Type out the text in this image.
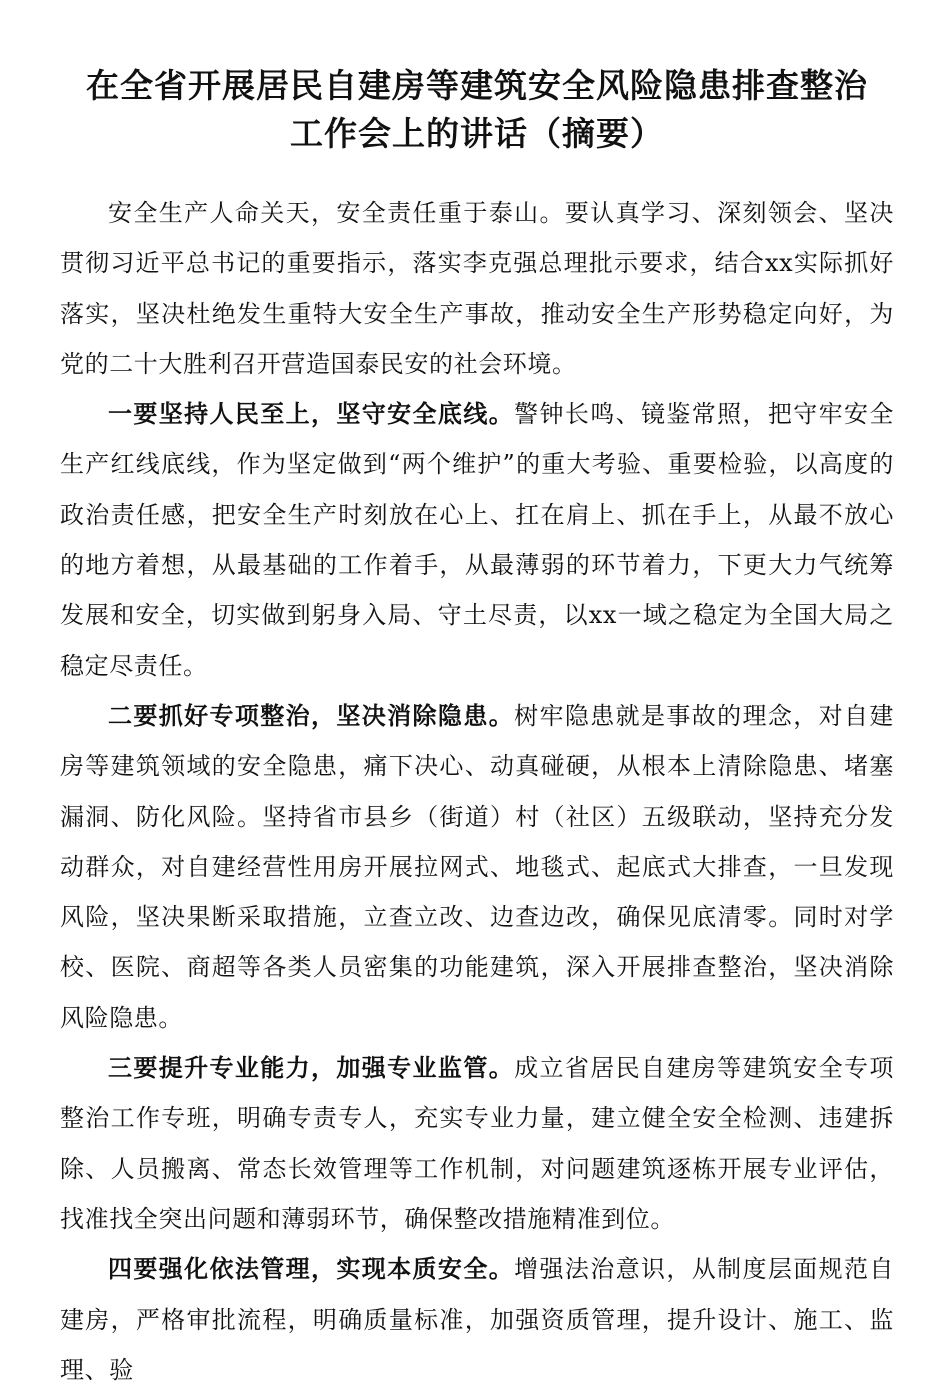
在全省开展居民自建房等建筑安全风险隐患排查整治
工作会上的讲话（摘要）

安全生产人命关天，安全责任重于泰山。要认真学习、深刻领会、坚决贯彻习近平总书记的重要指示，落实李克强总理批示要求，结合xx实际抓好落实，坚决杜绝发生重特大安全生产事故，推动安全生产形势稳定向好，为党的二十大胜利召开营造国泰民安的社会环境。

一要坚持人民至上，坚守安全底线。警钟长鸣、镜鉴常照，把守牢安全生产红线底线，作为坚定做到“两个维护”的重大考验、重要检验，以高度的政治责任感，把安全生产时刻放在心上、扛在肩上、抓在手上，从最不放心的地方着想，从最基础的工作着手，从最薄弱的环节着力，下更大力气统筹发展和安全，切实做到躬身入局、守土尽责，以xx一域之稳定为全国大局之稳定尽责任。

二要抓好专项整治，坚决消除隐患。树牢隐患就是事故的理念，对自建房等建筑领域的安全隐患，痛下决心、动真碰硬，从根本上清除隐患、堵塞漏洞、防化风险。坚持省市县乡（街道）村（社区）五级联动，坚持充分发动群众，对自建经营性用房开展拉网式、地毯式、起底式大排查，一旦发现风险，坚决果断采取措施，立查立改、边查边改，确保见底清零。同时对学校、医院、商超等各类人员密集的功能建筑，深入开展排查整治，坚决消除风险隐患。

三要提升专业能力，加强专业监管。成立省居民自建房等建筑安全专项整治工作专班，明确专责专人，充实专业力量，建立健全安全检测、违建拆除、人员搬离、常态长效管理等工作机制，对问题建筑逐栋开展专业评估，找准找全突出问题和薄弱环节，确保整改措施精准到位。

四要强化依法管理，实现本质安全。增强法治意识，从制度层面规范自建房，严格审批流程，明确质量标准，加强资质管理，提升设计、施工、监理、验
